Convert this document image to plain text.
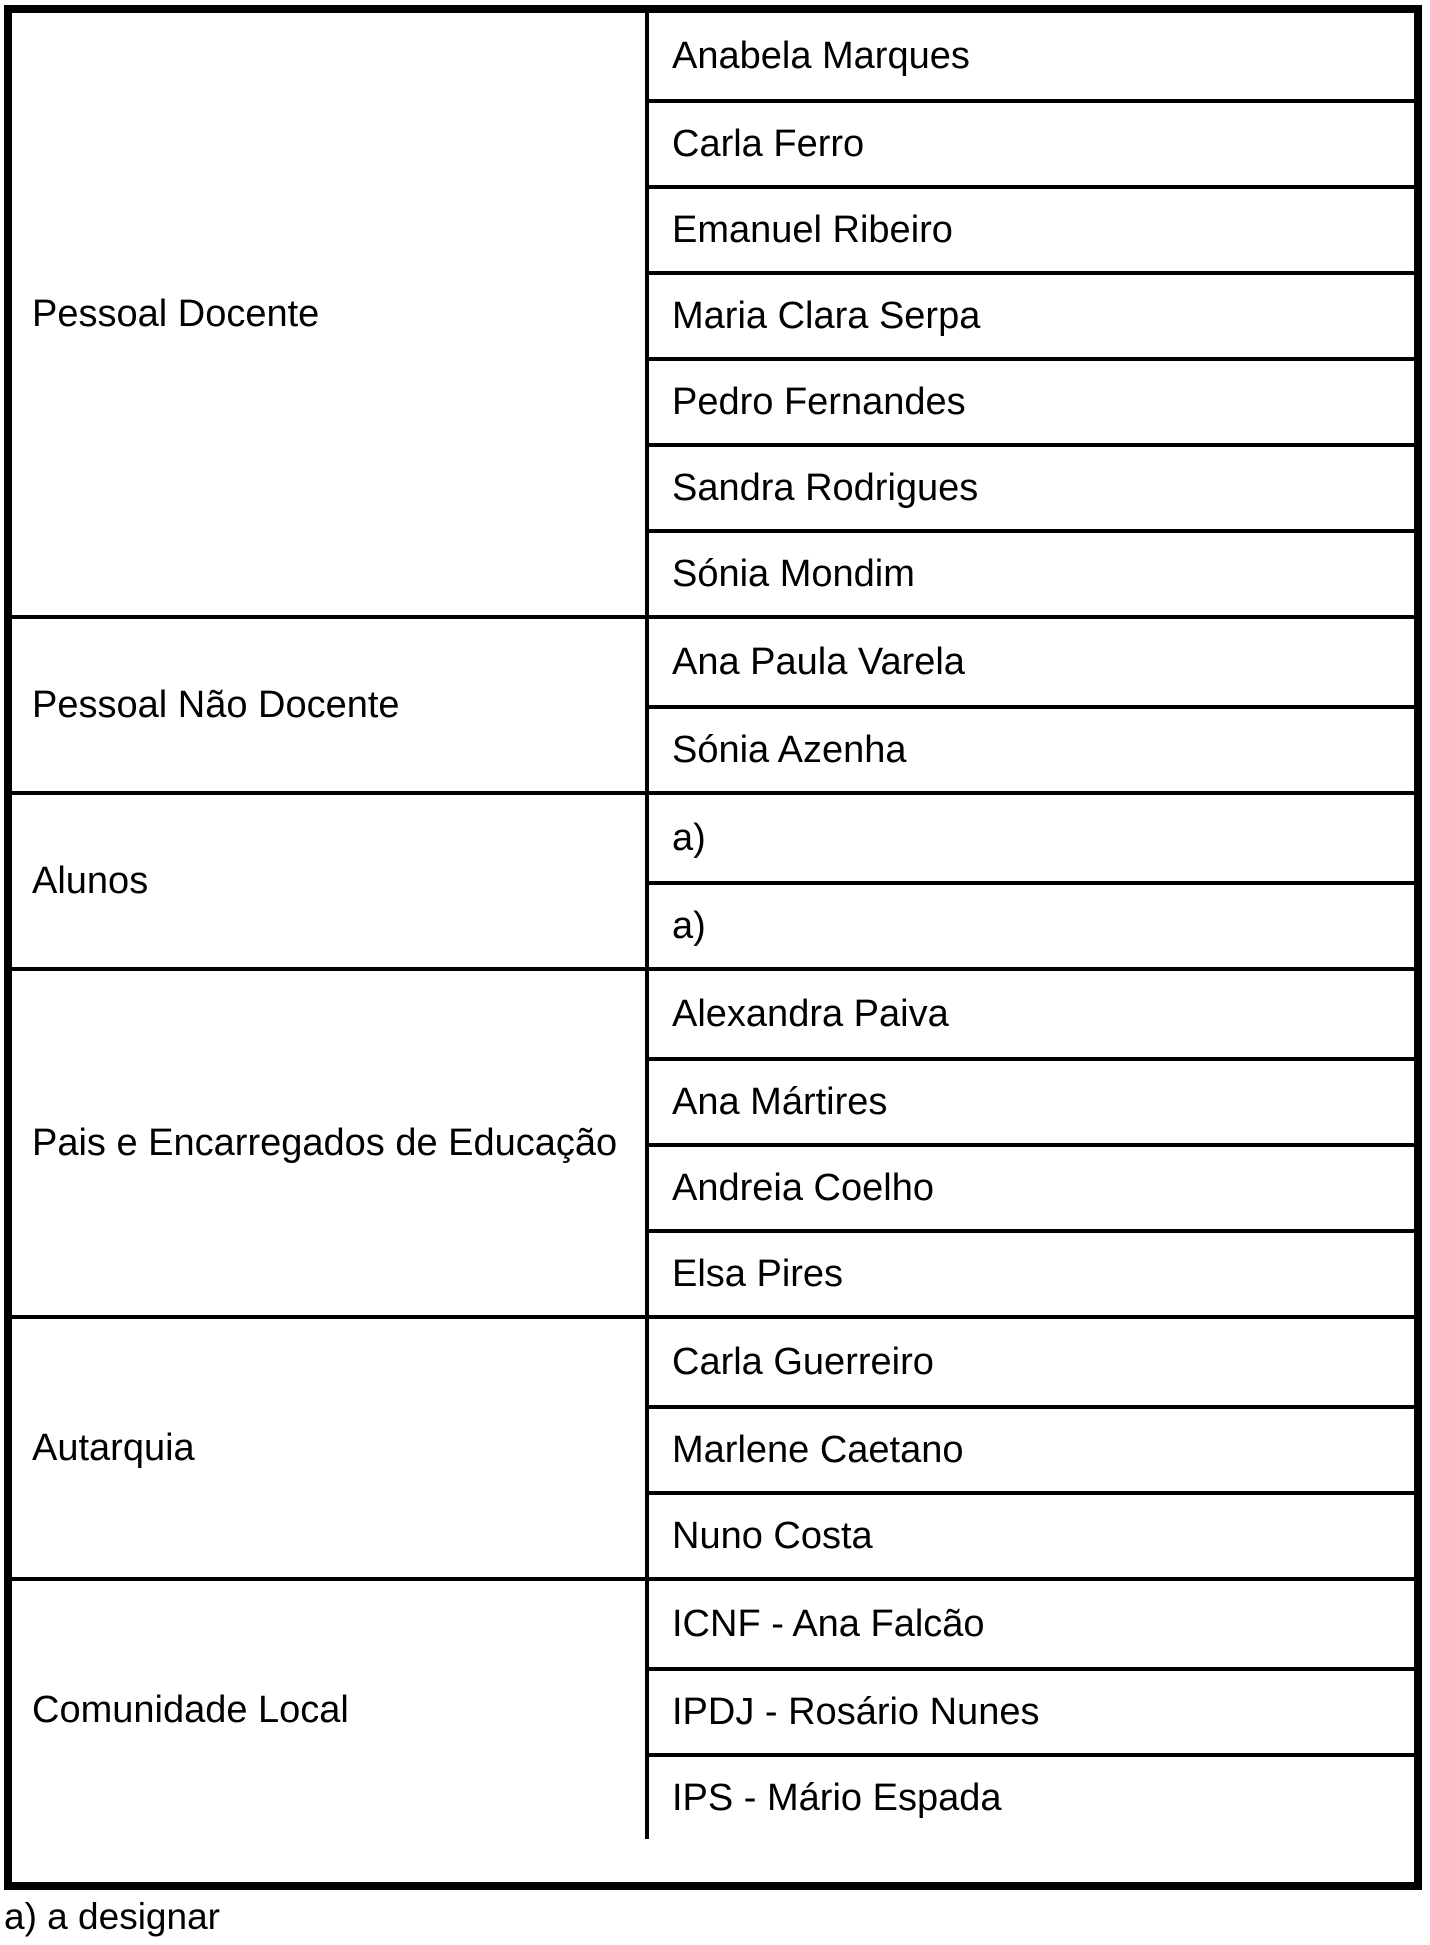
Pessoal Docente
Anabela Marques
Carla Ferro
Emanuel Ribeiro
Maria Clara Serpa
Pedro Fernandes
Sandra Rodrigues
Sónia Mondim
Pessoal Não Docente
Ana Paula Varela
Sónia Azenha
Alunos
a)
a)
Pais e Encarregados de Educação
Alexandra Paiva
Ana Mártires
Andreia Coelho
Elsa Pires
Autarquia
Carla Guerreiro
Marlene Caetano
Nuno Costa
Comunidade Local
ICNF - Ana Falcão
IPDJ - Rosário Nunes
IPS - Mário Espada
a) a designar
